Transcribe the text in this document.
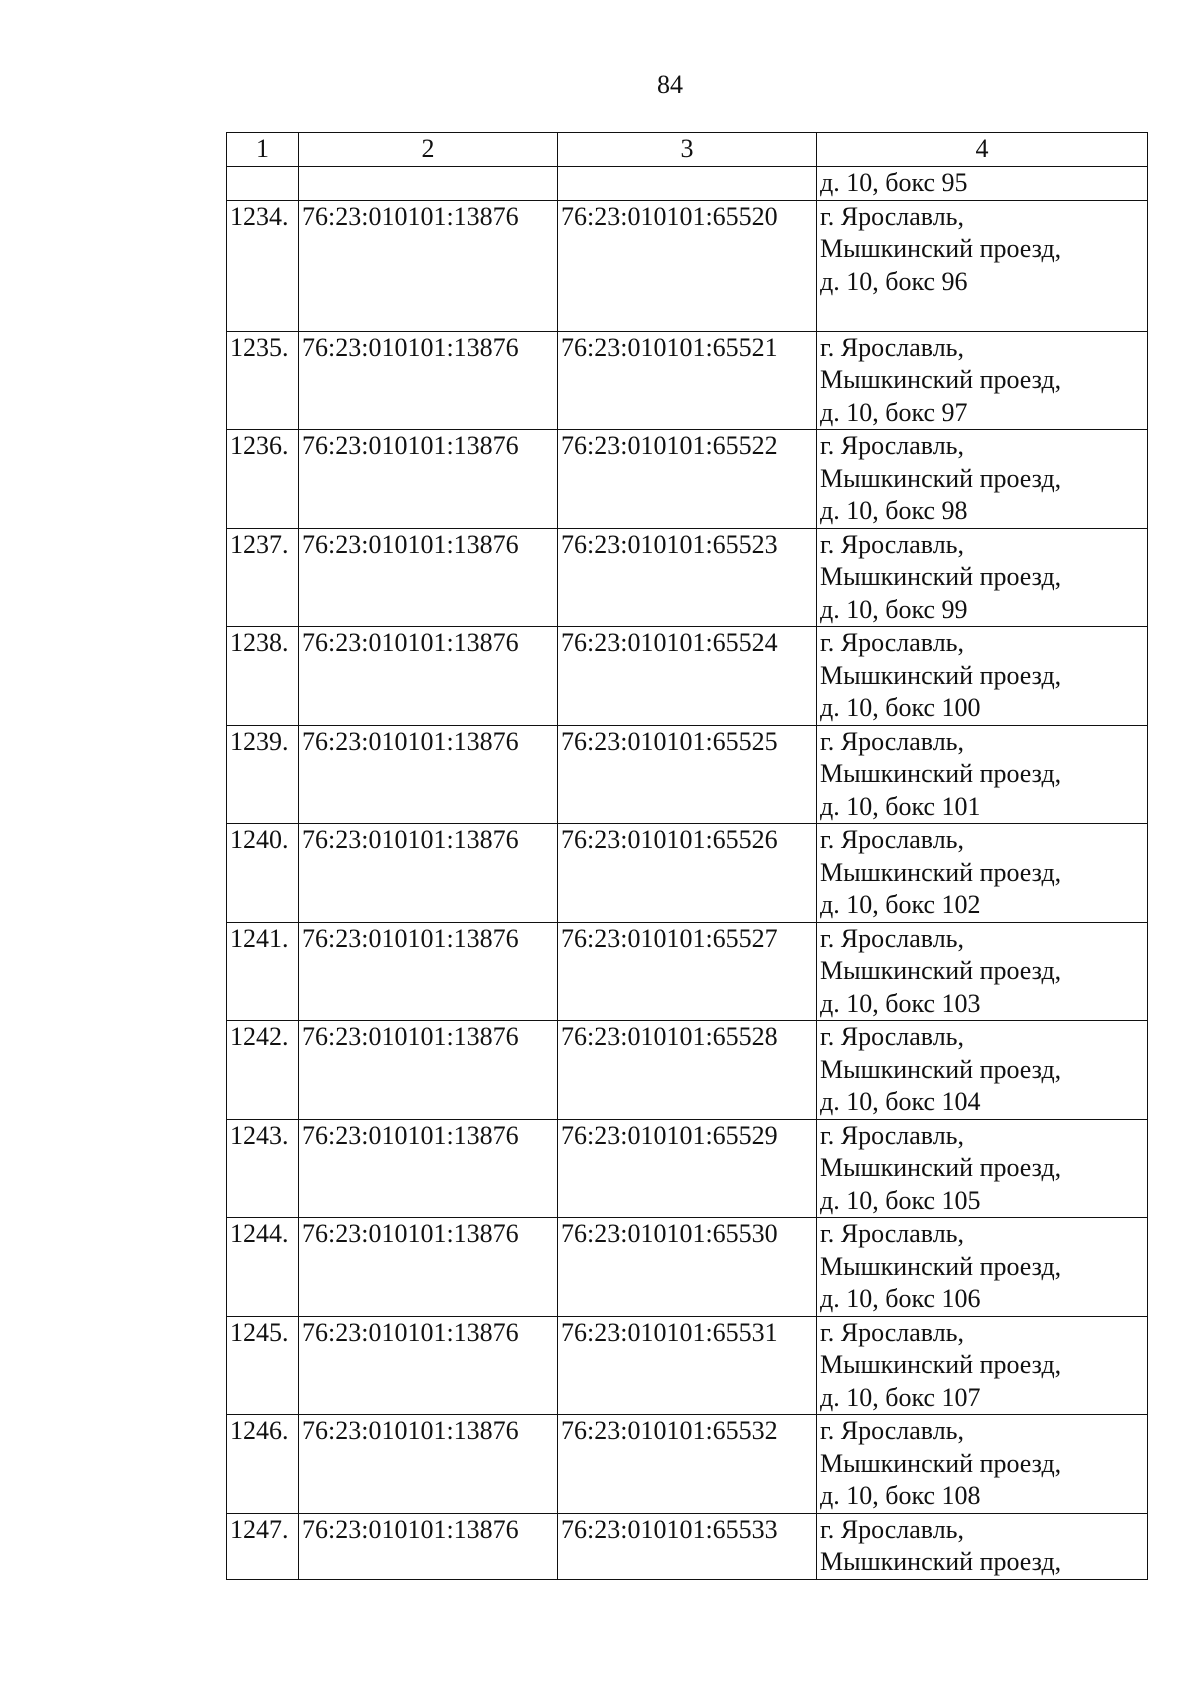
84
1	2	3	4

			д. 10, бокс 95

1234.	76:23:010101:13876	76:23:010101:65520	г. Ярославль,
Мышкинский проезд,
д. 10, бокс 96

1235.	76:23:010101:13876	76:23:010101:65521	г. Ярославль,
Мышкинский проезд,
д. 10, бокс 97

1236.	76:23:010101:13876	76:23:010101:65522	г. Ярославль,
Мышкинский проезд,
д. 10, бокс 98

1237.	76:23:010101:13876	76:23:010101:65523	г. Ярославль,
Мышкинский проезд,
д. 10, бокс 99

1238.	76:23:010101:13876	76:23:010101:65524	г. Ярославль,
Мышкинский проезд,
д. 10, бокс 100

1239.	76:23:010101:13876	76:23:010101:65525	г. Ярославль,
Мышкинский проезд,
д. 10, бокс 101

1240.	76:23:010101:13876	76:23:010101:65526	г. Ярославль,
Мышкинский проезд,
д. 10, бокс 102

1241.	76:23:010101:13876	76:23:010101:65527	г. Ярославль,
Мышкинский проезд,
д. 10, бокс 103

1242.	76:23:010101:13876	76:23:010101:65528	г. Ярославль,
Мышкинский проезд,
д. 10, бокс 104

1243.	76:23:010101:13876	76:23:010101:65529	г. Ярославль,
Мышкинский проезд,
д. 10, бокс 105

1244.	76:23:010101:13876	76:23:010101:65530	г. Ярославль,
Мышкинский проезд,
д. 10, бокс 106

1245.	76:23:010101:13876	76:23:010101:65531	г. Ярославль,
Мышкинский проезд,
д. 10, бокс 107

1246.	76:23:010101:13876	76:23:010101:65532	г. Ярославль,
Мышкинский проезд,
д. 10, бокс 108

1247.	76:23:010101:13876	76:23:010101:65533	г. Ярославль,
Мышкинский проезд,
